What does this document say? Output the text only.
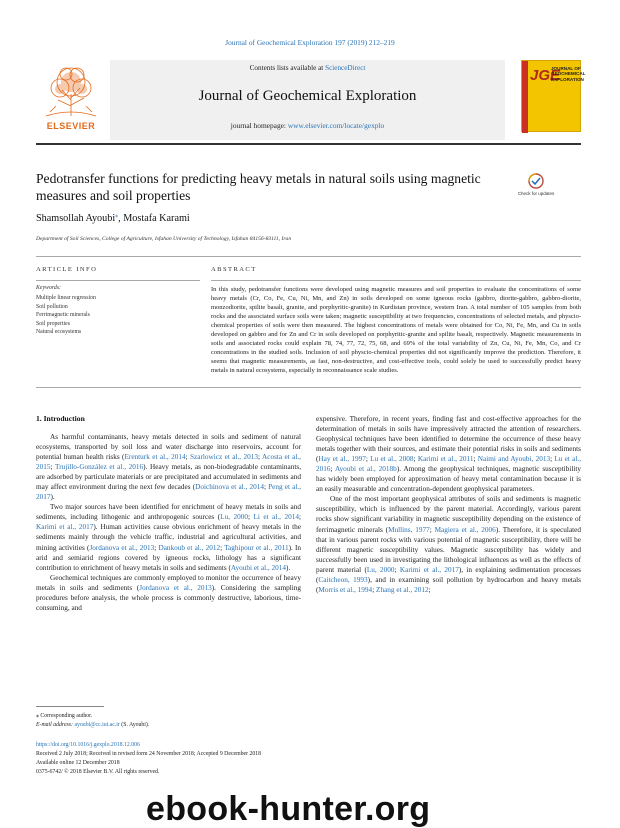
Journal of Geochemical Exploration 197 (2019) 212–219
Contents lists available at ScienceDirect
Journal of Geochemical Exploration
journal homepage: www.elsevier.com/locate/gexplo
ELSEVIER
JGE
JOURNAL OF GEOCHEMICAL EXPLORATION
Pedotransfer functions for predicting heavy metals in natural soils using magnetic measures and soil properties	Check for updates
Shamsollah Ayoubi⁎, Mostafa Karami
Department of Soil Sciences, College of Agriculture, Isfahan University of Technology, Isfahan 84156-83111, Iran
ARTICLE INFO	ABSTRACT
Keywords:
Multiple linear regression
Soil pollution
Ferrimagnetic minerals
Soil properties
Natural ecosystems
In this study, pedotransfer functions were developed using magnetic measures and soil properties to evaluate the concentrations of some heavy metals (Cr, Co, Fe, Cu, Ni, Mn, and Zn) in soils developed on some igneous rocks (gabbro, diorite-gabbro, gabbro-diorite, monzodiorite, spilite basalt, granite, and porphyritic-granite) in Kurdistan province, western Iran. A total number of 105 samples from both rocks and the associated surface soils were taken; magnetic susceptibility at two frequencies, concentrations of selected metals, and physcio-chemical properties of soils were then measured. The highest concentrations of metals were obtained for Co, Ni, Fe, Mn, and Cu in soils developed on gabbro and for Zn and Cr in soils developed on porphyritic-granite and spilite basalt, respectively. Magnetic measurements in soils and associated rocks could explain 78, 74, 77, 72, 75, 68, and 69% of the total variability of Zn, Cu, Ni, Fe, Mn, Co, and Cr concentrations in the studied soils. Inclusion of soil physcio-chemical properties did not significantly improve the prediction. Therefore, it seems that magnetic measurements, as fast, non-destructive, and cost-effective tools, could solely be used to successfully predict heavy metals in natural ecosystems, especially in reconnaissance scale studies.
1. Introduction

As harmful contaminants, heavy metals detected in soils and sediment of natural ecosystems, transported by soil loss and water discharge into reservoirs, account for potential human health risks (Erenturk et al., 2014; Szarlowicz et al., 2013; Acosta et al., 2015; Trujillo-González et al., 2016). Heavy metals, as non-biodegradable contaminants, are adsorbed by particulate materials or are precipitated and accumulated in sediments and may affect environment during the next few decades (Doichinova et al., 2014; Peng et al., 2017).

Two major sources have been identified for enrichment of heavy metals in soils and sediments, including lithogenic and anthropogenic sources (Lu, 2000; Li et al., 2014; Karimi et al., 2017). Human activities cause obvious enrichment of heavy metals in the sediments mainly through the vehicle traffic, industrial and agricultural activities, and mining activities (Jordanova et al., 2013; Dankoub et al., 2012; Taghipour et al., 2011). In arid and semiarid regions covered by igneous rocks, lithology has a significant contribution to enrichment of heavy metals in soils and sediments (Ayoubi et al., 2014).

Geochemical techniques are commonly employed to monitor the occurrence of heavy metals in soils and sediments (Jordanova et al., 2013). Considering the sampling procedures before analysis, the whole process is commonly destructive, laborious, time-consuming, and

expensive. Therefore, in recent years, finding fast and cost-effective approaches for the determination of metals in soils have impressively attracted the attention of researchers. Geophysical techniques have been identified to determine the occurrence of these heavy metals together with their sources, and estimate their potential risks in soils and sediments (Hay et al., 1997; Lu et al., 2008; Karimi et al., 2011; Naimi and Ayoubi, 2013; Lu et al., 2016; Ayoubi et al., 2018b). Among the geophysical techniques, magnetic susceptibility has widely been employed for approximation of heavy metal contamination because it is an easily measurable and concentration-dependent geophysical parameters.

One of the most important geophysical attributes of soils and sediments is magnetic susceptibility, which is influenced by the parent material. Accordingly, various parent rocks show significant variability in magnetic susceptibility depending on the existence of ferrimagnetic minerals (Mullins, 1977; Magiera et al., 2006). Therefore, it is speculated that in various parent rocks with various potential of magnetic susceptibility, there will be different magnetic susceptibility values. Magnetic susceptibility has widely and successfully been used in investigating the lithological influences as well as the effects of parent material (Lu, 2000; Karimi et al., 2017), in explaining sedimentation processes (Caitcheon, 1993), and in examining soil pollution by hydrocarbon and heavy metals (Morris et al., 1994; Zhang et al., 2012;

⁎ Corresponding author.
E-mail address: ayoubi@cc.iut.ac.ir (S. Ayoubi).
https://doi.org/10.1016/j.gexplo.2018.12.006
Received 2 July 2018; Received in revised form 24 November 2018; Accepted 9 December 2018
Available online 12 December 2018
0375-6742/ © 2018 Elsevier B.V. All rights reserved.
ebook-hunter.org
